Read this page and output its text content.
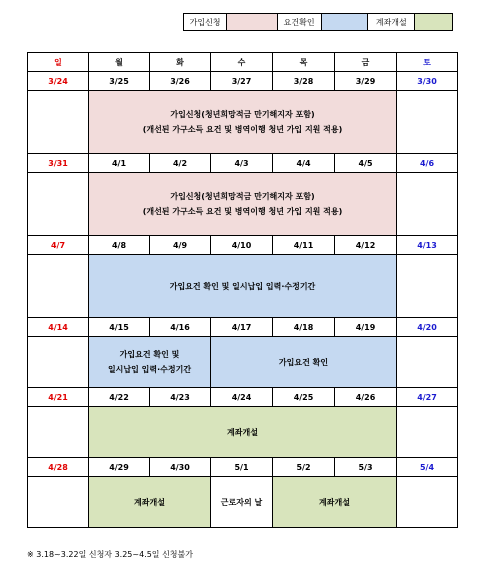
가입신청	요건확인	계좌개설
일	월	화	수	목	금	토
3/24	3/25	3/26	3/27	3/28	3/29	3/30

	가입신청(청년희망적금 만기해지자 포함)
(개선된 가구소득 요건 및 병역이행 청년 가입 지원 적용)					

3/31	4/1	4/2	4/3	4/4	4/5	4/6

	가입신청(청년희망적금 만기해지자 포함)
(개선된 가구소득 요건 및 병역이행 청년 가입 지원 적용)					

4/7	4/8	4/9	4/10	4/11	4/12	4/13
	가입요건 확인 및 일시납입 입력·수정기간					
4/14	4/15	4/16	4/17	4/18	4/19	4/20

	가입요건 확인 및
일시납입 입력·수정기간		가입요건 확인			
4/21	4/22	4/23	4/24	4/25	4/26	4/27
	계좌개설					
4/28	4/29	4/30	5/1	5/2	5/3	5/4
	계좌개설		근로자의 날	계좌개설		
※ 3.18~3.22일 신청자 3.25~4.5일 신청불가
